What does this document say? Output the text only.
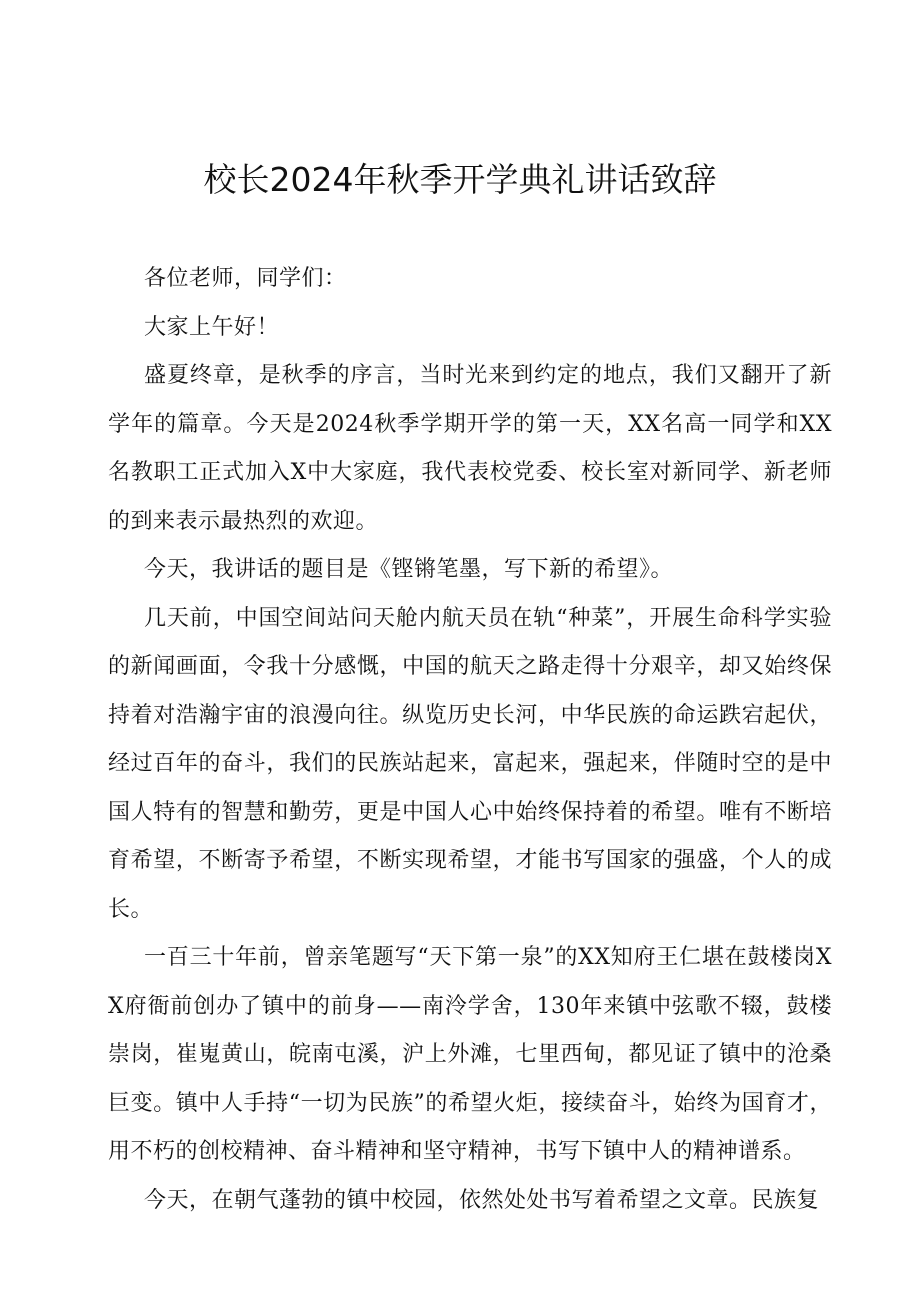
校长2024年秋季开学典礼讲话致辞

各位老师，同学们：

大家上午好！

盛夏终章，是秋季的序言，当时光来到约定的地点，我们又翻开了新学年的篇章。今天是2024秋季学期开学的第一天，XX名高一同学和XX名教职工正式加入X中大家庭，我代表校党委、校长室对新同学、新老师的到来表示最热烈的欢迎。

今天，我讲话的题目是《铿锵笔墨，写下新的希望》。

几天前，中国空间站问天舱内航天员在轨“种菜”，开展生命科学实验的新闻画面，令我十分感慨，中国的航天之路走得十分艰辛，却又始终保持着对浩瀚宇宙的浪漫向往。纵览历史长河，中华民族的命运跌宕起伏，经过百年的奋斗，我们的民族站起来，富起来，强起来，伴随时空的是中国人特有的智慧和勤劳，更是中国人心中始终保持着的希望。唯有不断培育希望，不断寄予希望，不断实现希望，才能书写国家的强盛，个人的成长。

一百三十年前，曾亲笔题写“天下第一泉”的XX知府王仁堪在鼓楼岗XX府衙前创办了镇中的前身——南泠学舍，130年来镇中弦歌不辍，鼓楼崇岗，崔嵬黄山，皖南屯溪，沪上外滩，七里西甸，都见证了镇中的沧桑巨变。镇中人手持“一切为民族”的希望火炬，接续奋斗，始终为国育才，用不朽的创校精神、奋斗精神和坚守精神，书写下镇中人的精神谱系。

今天，在朝气蓬勃的镇中校园，依然处处书写着希望之文章。民族复
